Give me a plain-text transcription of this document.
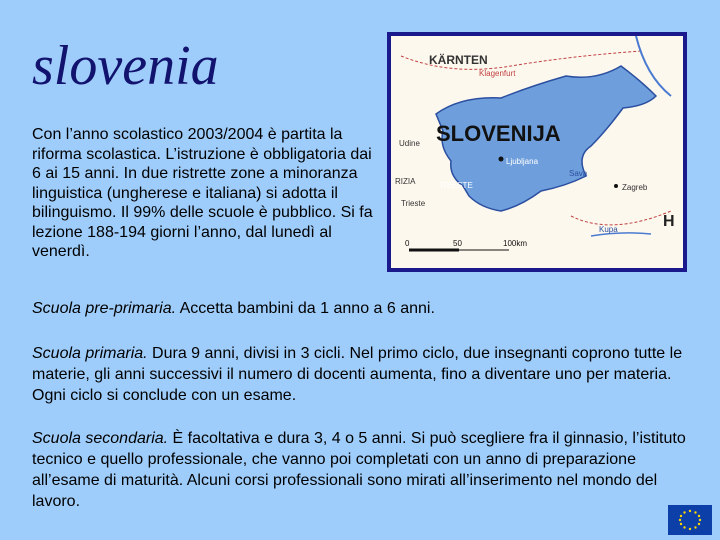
slovenia
Con l’anno scolastico 2003/2004 è partita la riforma scolastica. L’istruzione è obbligatoria dai 6 ai 15 anni. In due ristrette zone a minoranza linguistica (ungherese e italiana) si adotta il bilinguismo. Il 99% delle scuole è pubblico. Si fa lezione 188-194 giorni l’anno, dal lunedì al venerdì.
Scuola pre-primaria. Accetta bambini da 1 anno a 6 anni.
Scuola primaria. Dura 9 anni, divisi in 3 cicli. Nel primo ciclo, due insegnanti coprono tutte le materie, gli anni successivi il numero di docenti aumenta, fino a diventare uno per materia. Ogni ciclo si conclude con un esame.
Scuola secondaria. È facoltativa e dura 3, 4 o 5 anni. Si può scegliere fra il ginnasio, l’istituto tecnico e quello professionale, che vanno poi completati con un anno di preparazione all’esame di maturità. Alcuni corsi professionali sono mirati all’inserimento nel mondo del lavoro.
SLOVENIJA
Ljubljana
KÄRNTEN
Klagenfurt
Udine
RIZIA	TRIESTE
Trieste
Sava
Zagreb
Kupa	H
0	50	100km
